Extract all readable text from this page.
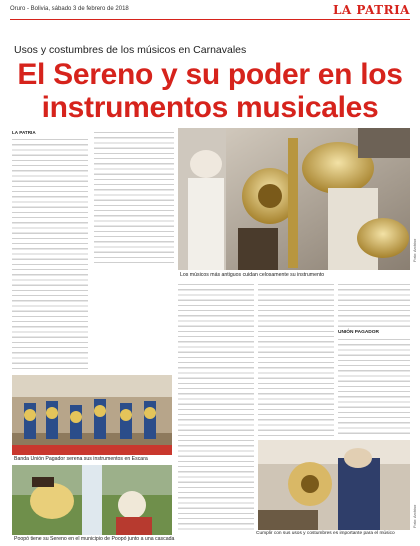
Oruro - Bolivia, sábado 3 de febrero de 2018	LA PATRIA
Usos y costumbres de los músicos en Carnavales
El Sereno y su poder en los instrumentos musicales
LA PATRIA
Foto: Archivo
Los músicos más antiguos cuidan celosamente su instrumento
Banda Unión Pagador serena sus instrumentos en Escara
Poopó tiene su Sereno en el municipio de Poopó junto a una cascada
UNIÓN PAGADOR
Foto: Archivo
Cumplir con sus usos y costumbres es importante para el músico
